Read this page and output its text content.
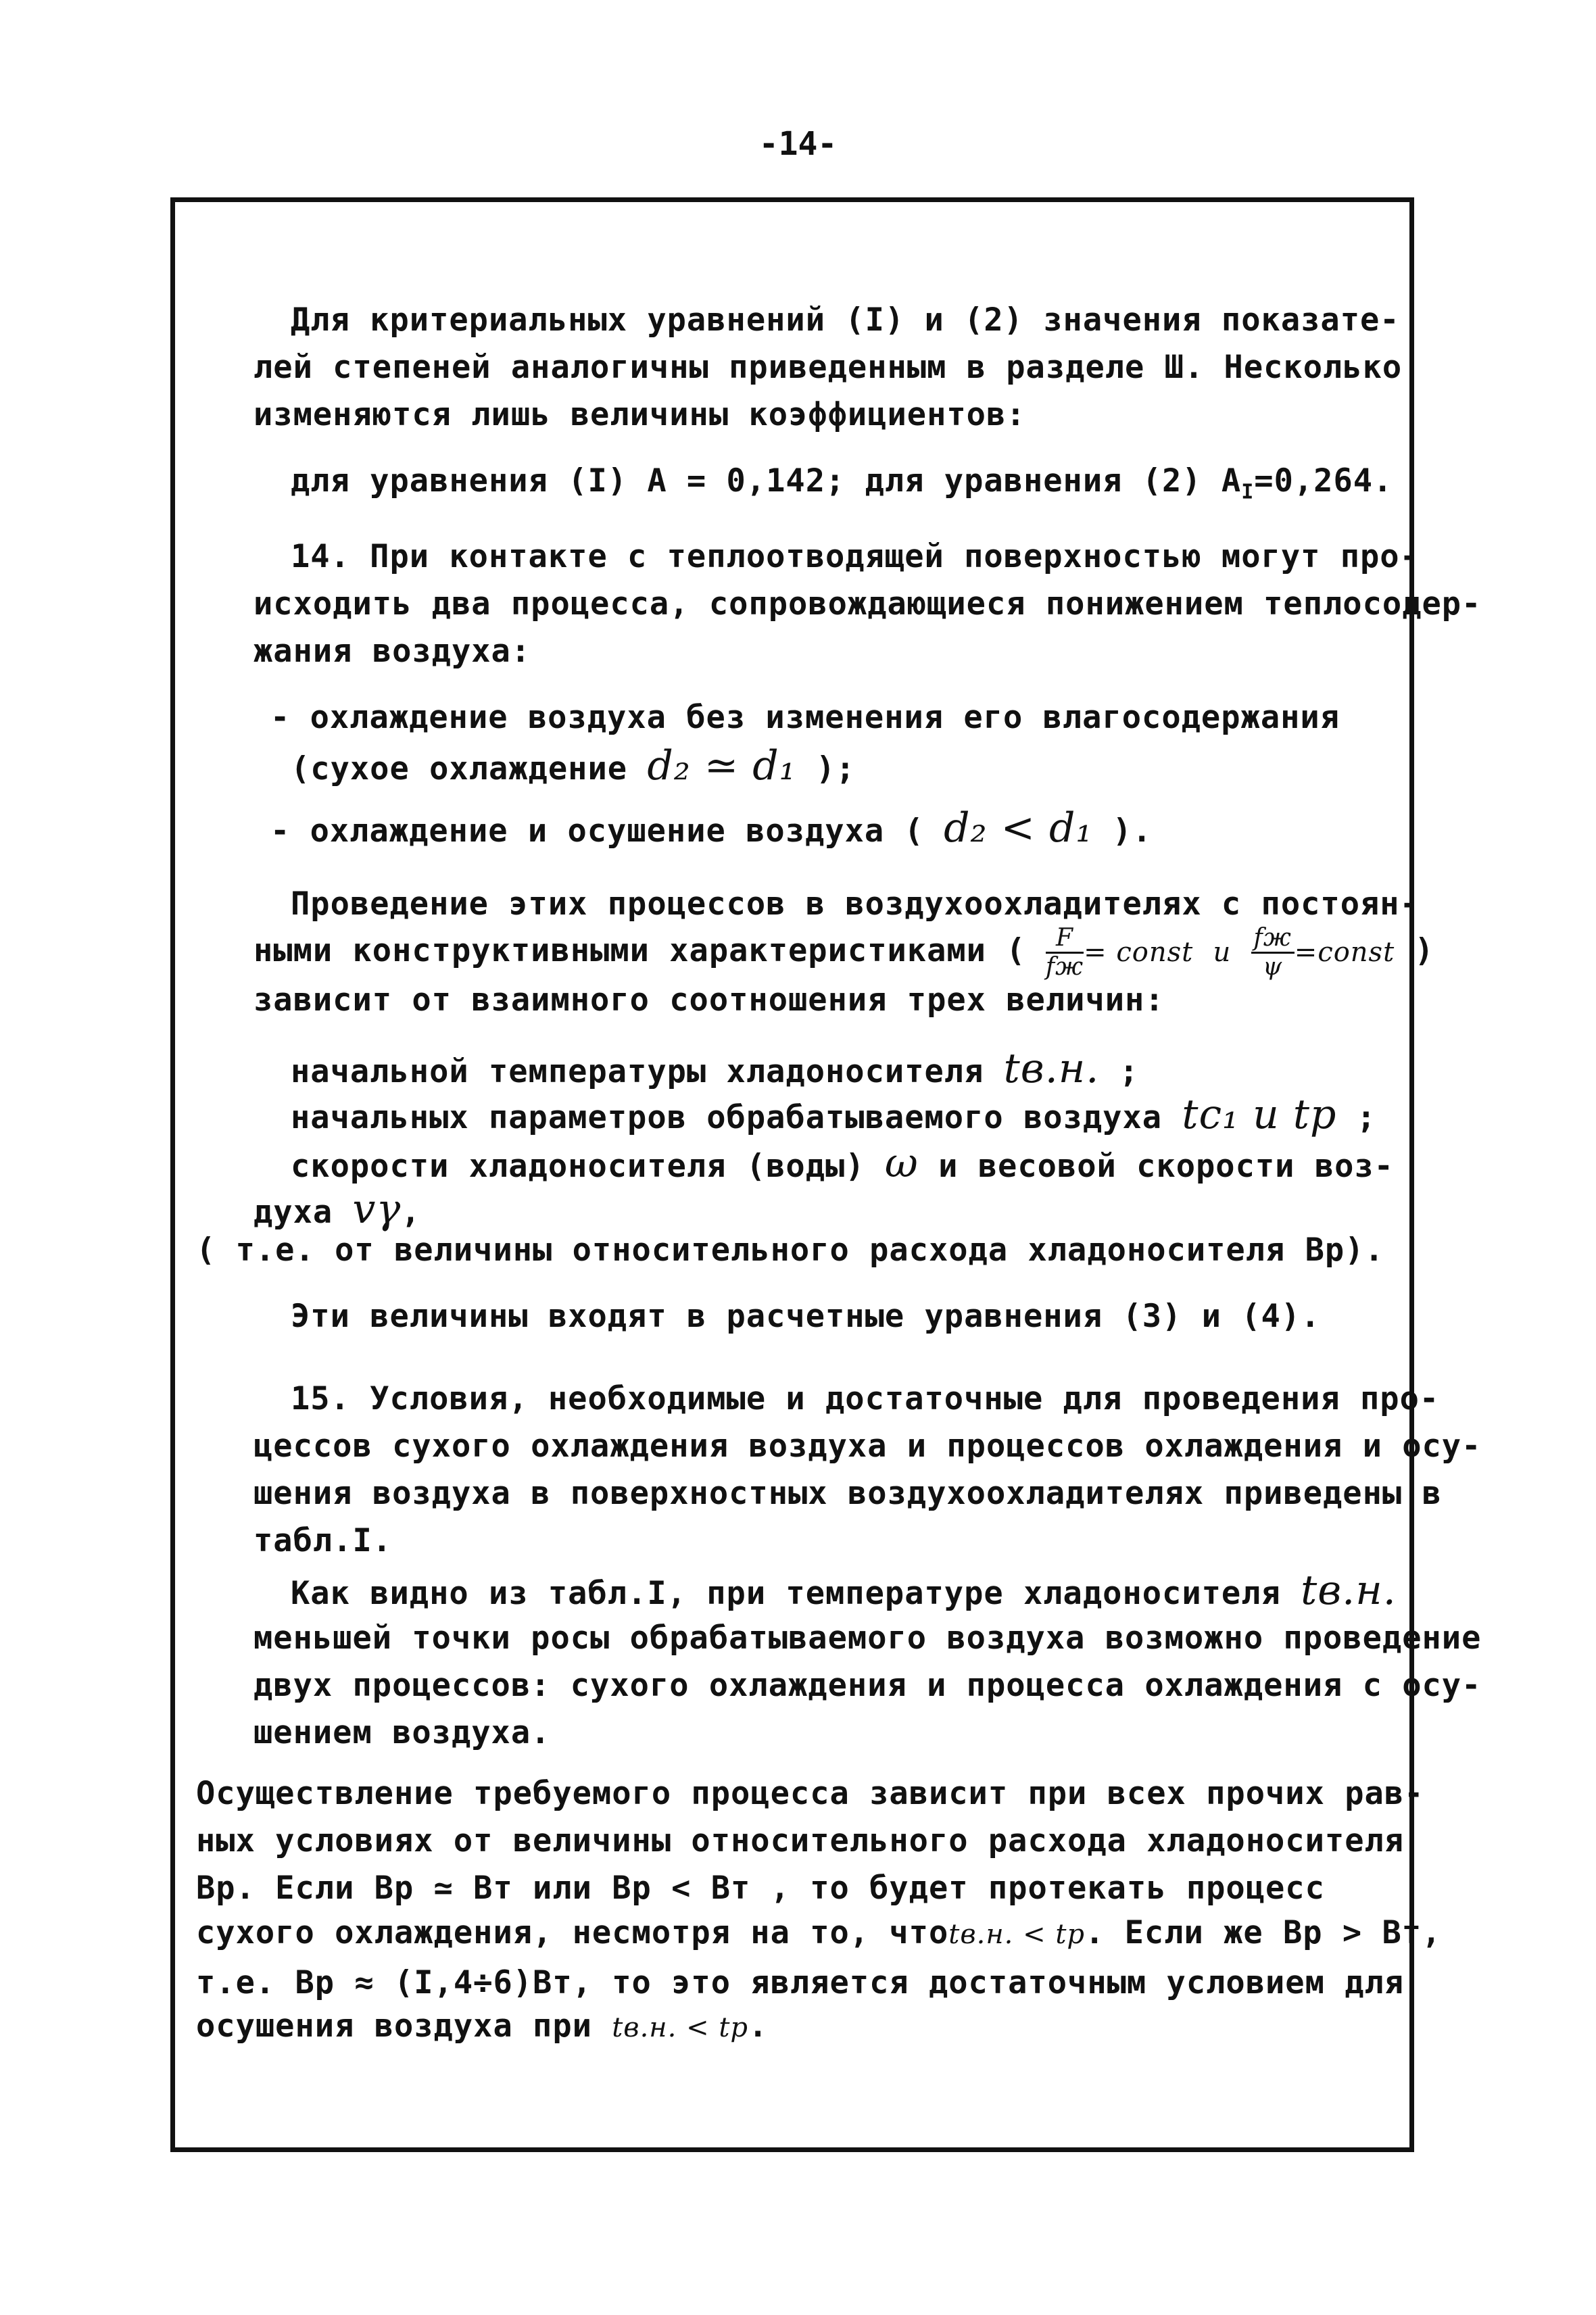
-14-
Для критериальных уравнений (I) и (2) значения показате-
лей степеней аналогичны приведенным в разделе Ш. Несколько
изменяются лишь величины коэффициентов:
для уравнения (I) A = 0,142; для уравнения (2) $A_I=0,264$.
14. При контакте с теплоотводящей поверхностью могут про-
исходить два процесса, сопровождающиеся понижением теплосодер-
жания воздуха:
- охлаждение воздуха без изменения его влагосодержания
(сухое охлаждение d₂ ≃ d₁ );
- охлаждение и осушение воздуха ( d₂ < d₁ ).
Проведение этих процессов в воздухоохладителях с постоян-
ными конструктивными характеристиками ( $\frac{F}{fж}$ = const и $\frac{fж}{\psi}$ =const )
зависит от взаимного соотношения трех величин:
начальной температуры хладоносителя tв.н. ;
начальных параметров обрабатываемого воздуха tс₁ и tр ;
скорости хладоносителя (воды) ω и весовой скорости воз-
духа vγ,
( т.е. от величины относительного расхода хладоносителя Bр).
Эти величины входят в расчетные уравнения (3) и (4).
15. Условия, необходимые и достаточные для проведения про-
цессов сухого охлаждения воздуха и процессов охлаждения и осу-
шения воздуха в поверхностных воздухоохладителях приведены в
табл.I.
Как видно из табл.I, при температуре хладоносителя tв.н.
меньшей точки росы обрабатываемого воздуха возможно проведение
двух процессов: сухого охлаждения и процесса охлаждения с осу-
шением воздуха.
Осуществление требуемого процесса зависит при всех прочих рав-
ных условиях от величины относительного расхода хладоносителя
Вр. Если Вр ≃ Вт или Вр < Вт , то будет протекать процесс
сухого охлаждения, несмотря на то, чтоtв.н. < tр. Если же Вр > Вт,
т.е. Вр ≈ (I,4÷6)Вт, то это является достаточным условием для
осушения воздуха при tв.н. < tр.
